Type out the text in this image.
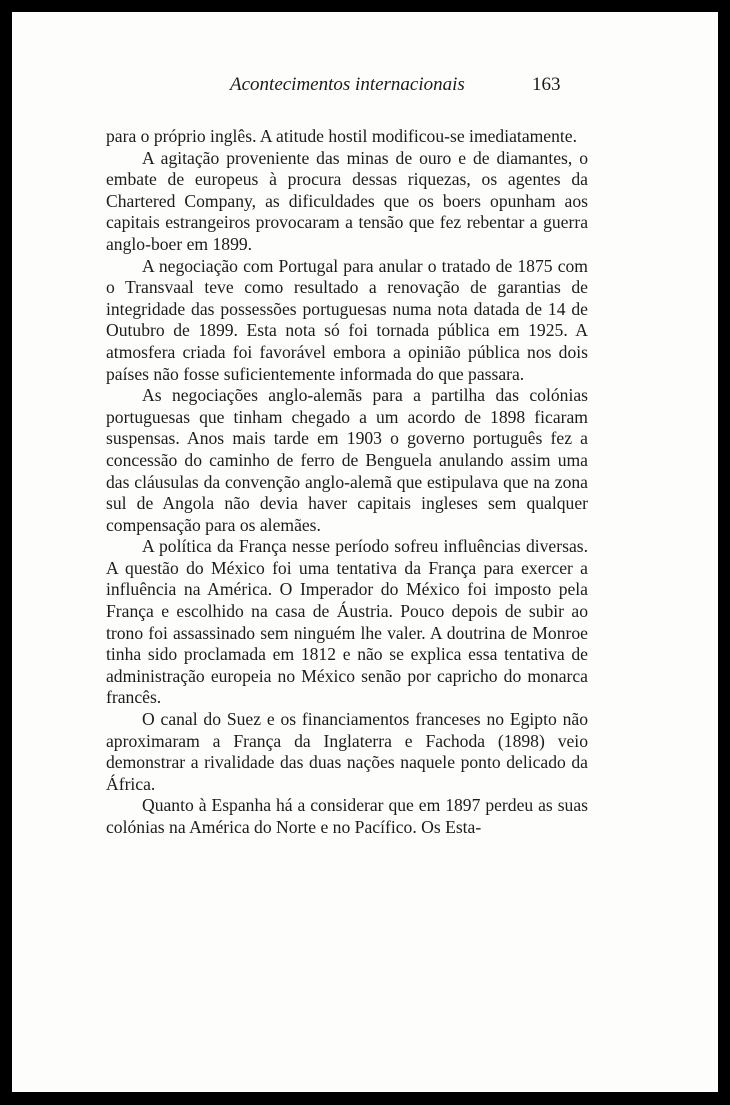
Acontecimentos internacionais	163

para o próprio inglês. A atitude hostil modificou-se imediatamente.

A agitação proveniente das minas de ouro e de diamantes, o embate de europeus à procura dessas riquezas, os agentes da Chartered Company, as dificuldades que os boers opunham aos capitais estrangeiros provocaram a tensão que fez rebentar a guerra anglo-boer em 1899.

A negociação com Portugal para anular o tratado de 1875 com o Transvaal teve como resultado a renovação de garantias de integridade das possessões portuguesas numa nota datada de 14 de Outubro de 1899. Esta nota só foi tornada pública em 1925. A atmosfera criada foi favorável embora a opinião pública nos dois países não fosse suficientemente informada do que passara.

As negociações anglo-alemãs para a partilha das colónias portuguesas que tinham chegado a um acordo de 1898 ficaram suspensas. Anos mais tarde em 1903 o governo português fez a concessão do caminho de ferro de Benguela anulando assim uma das cláusulas da convenção anglo-alemã que estipulava que na zona sul de Angola não devia haver capitais ingleses sem qualquer compensação para os alemães.

A política da França nesse período sofreu influências diversas. A questão do México foi uma tentativa da França para exercer a influência na América. O Imperador do México foi imposto pela França e escolhido na casa de Áustria. Pouco depois de subir ao trono foi assassinado sem ninguém lhe valer. A doutrina de Monroe tinha sido proclamada em 1812 e não se explica essa tentativa de administração europeia no México senão por capricho do monarca francês.

O canal do Suez e os financiamentos franceses no Egipto não aproximaram a França da Inglaterra e Fachoda (1898) veio demonstrar a rivalidade das duas nações naquele ponto delicado da África.

Quanto à Espanha há a considerar que em 1897 perdeu as suas colónias na América do Norte e no Pacífico. Os Esta-
